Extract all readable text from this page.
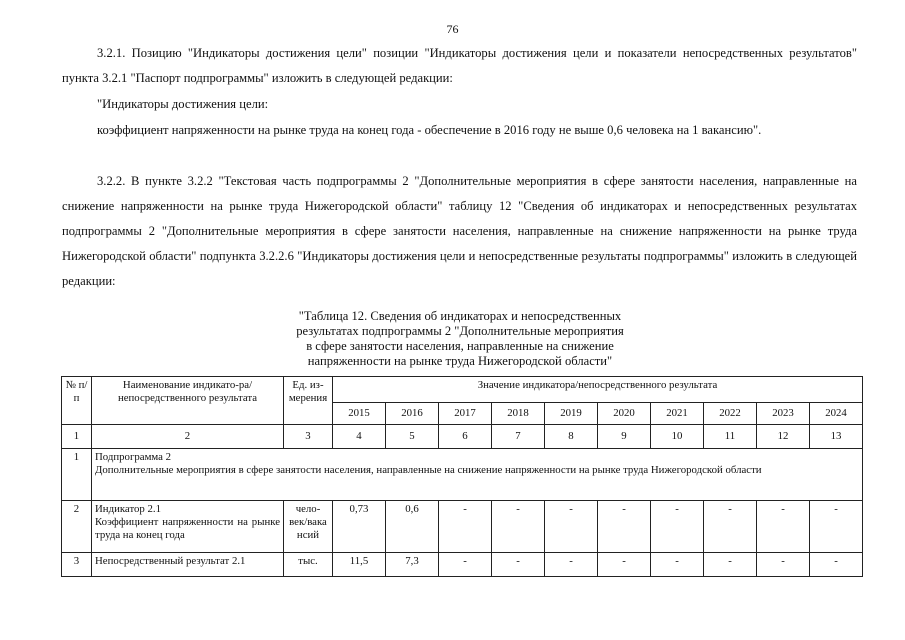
76
3.2.1. Позицию "Индикаторы достижения цели" позиции "Индикаторы достижения цели и показатели непосредственных результатов" пункта 3.2.1 "Паспорт подпрограммы" изложить в следующей редакции:
"Индикаторы достижения цели:
коэффициент напряженности на рынке труда на конец года - обеспечение в 2016 году не выше 0,6 человека на 1 вакансию".
3.2.2. В пункте 3.2.2 "Текстовая часть подпрограммы 2 "Дополнительные мероприятия в сфере занятости населения, направленные на снижение напряженности на рынке труда Нижегородской области" таблицу 12 "Сведения об индикаторах и непосредственных результатах подпрограммы 2 "Дополнительные мероприятия в сфере занятости населения, направленные на снижение напряженности на рынке труда Нижегородской области" подпункта 3.2.2.6 "Индикаторы достижения цели и непосредственные результаты подпрограммы" изложить в следующей редакции:
"Таблица 12. Сведения об индикаторах и непосредственных
результатах подпрограммы 2 "Дополнительные мероприятия
в сфере занятости населения, направленные на снижение
напряженности на рынке труда Нижегородской области"
№ п/п	Наименование индикато-ра/непосредственного результата	Ед. из-мерения	Значение индикатора/непосредственного результата									
			2015	2016	2017	2018	2019	2020	2021	2022	2023	2024
1	2	3	4	5	6	7	8	9	10	11	12	13
1	Подпрограмма 2
Дополнительные мероприятия в сфере занятости населения, направленные на снижение напряженности на рынке труда Нижегородской области											

2	Индикатор 2.1
Коэффициент напряженности на рынке труда на конец года	чело-век/вака нсий	0,73	0,6	-	-	-	-	-	-	-	-
3	Непосредственный результат 2.1	тыс.	11,5	7,3	-	-	-	-	-	-	-	-
